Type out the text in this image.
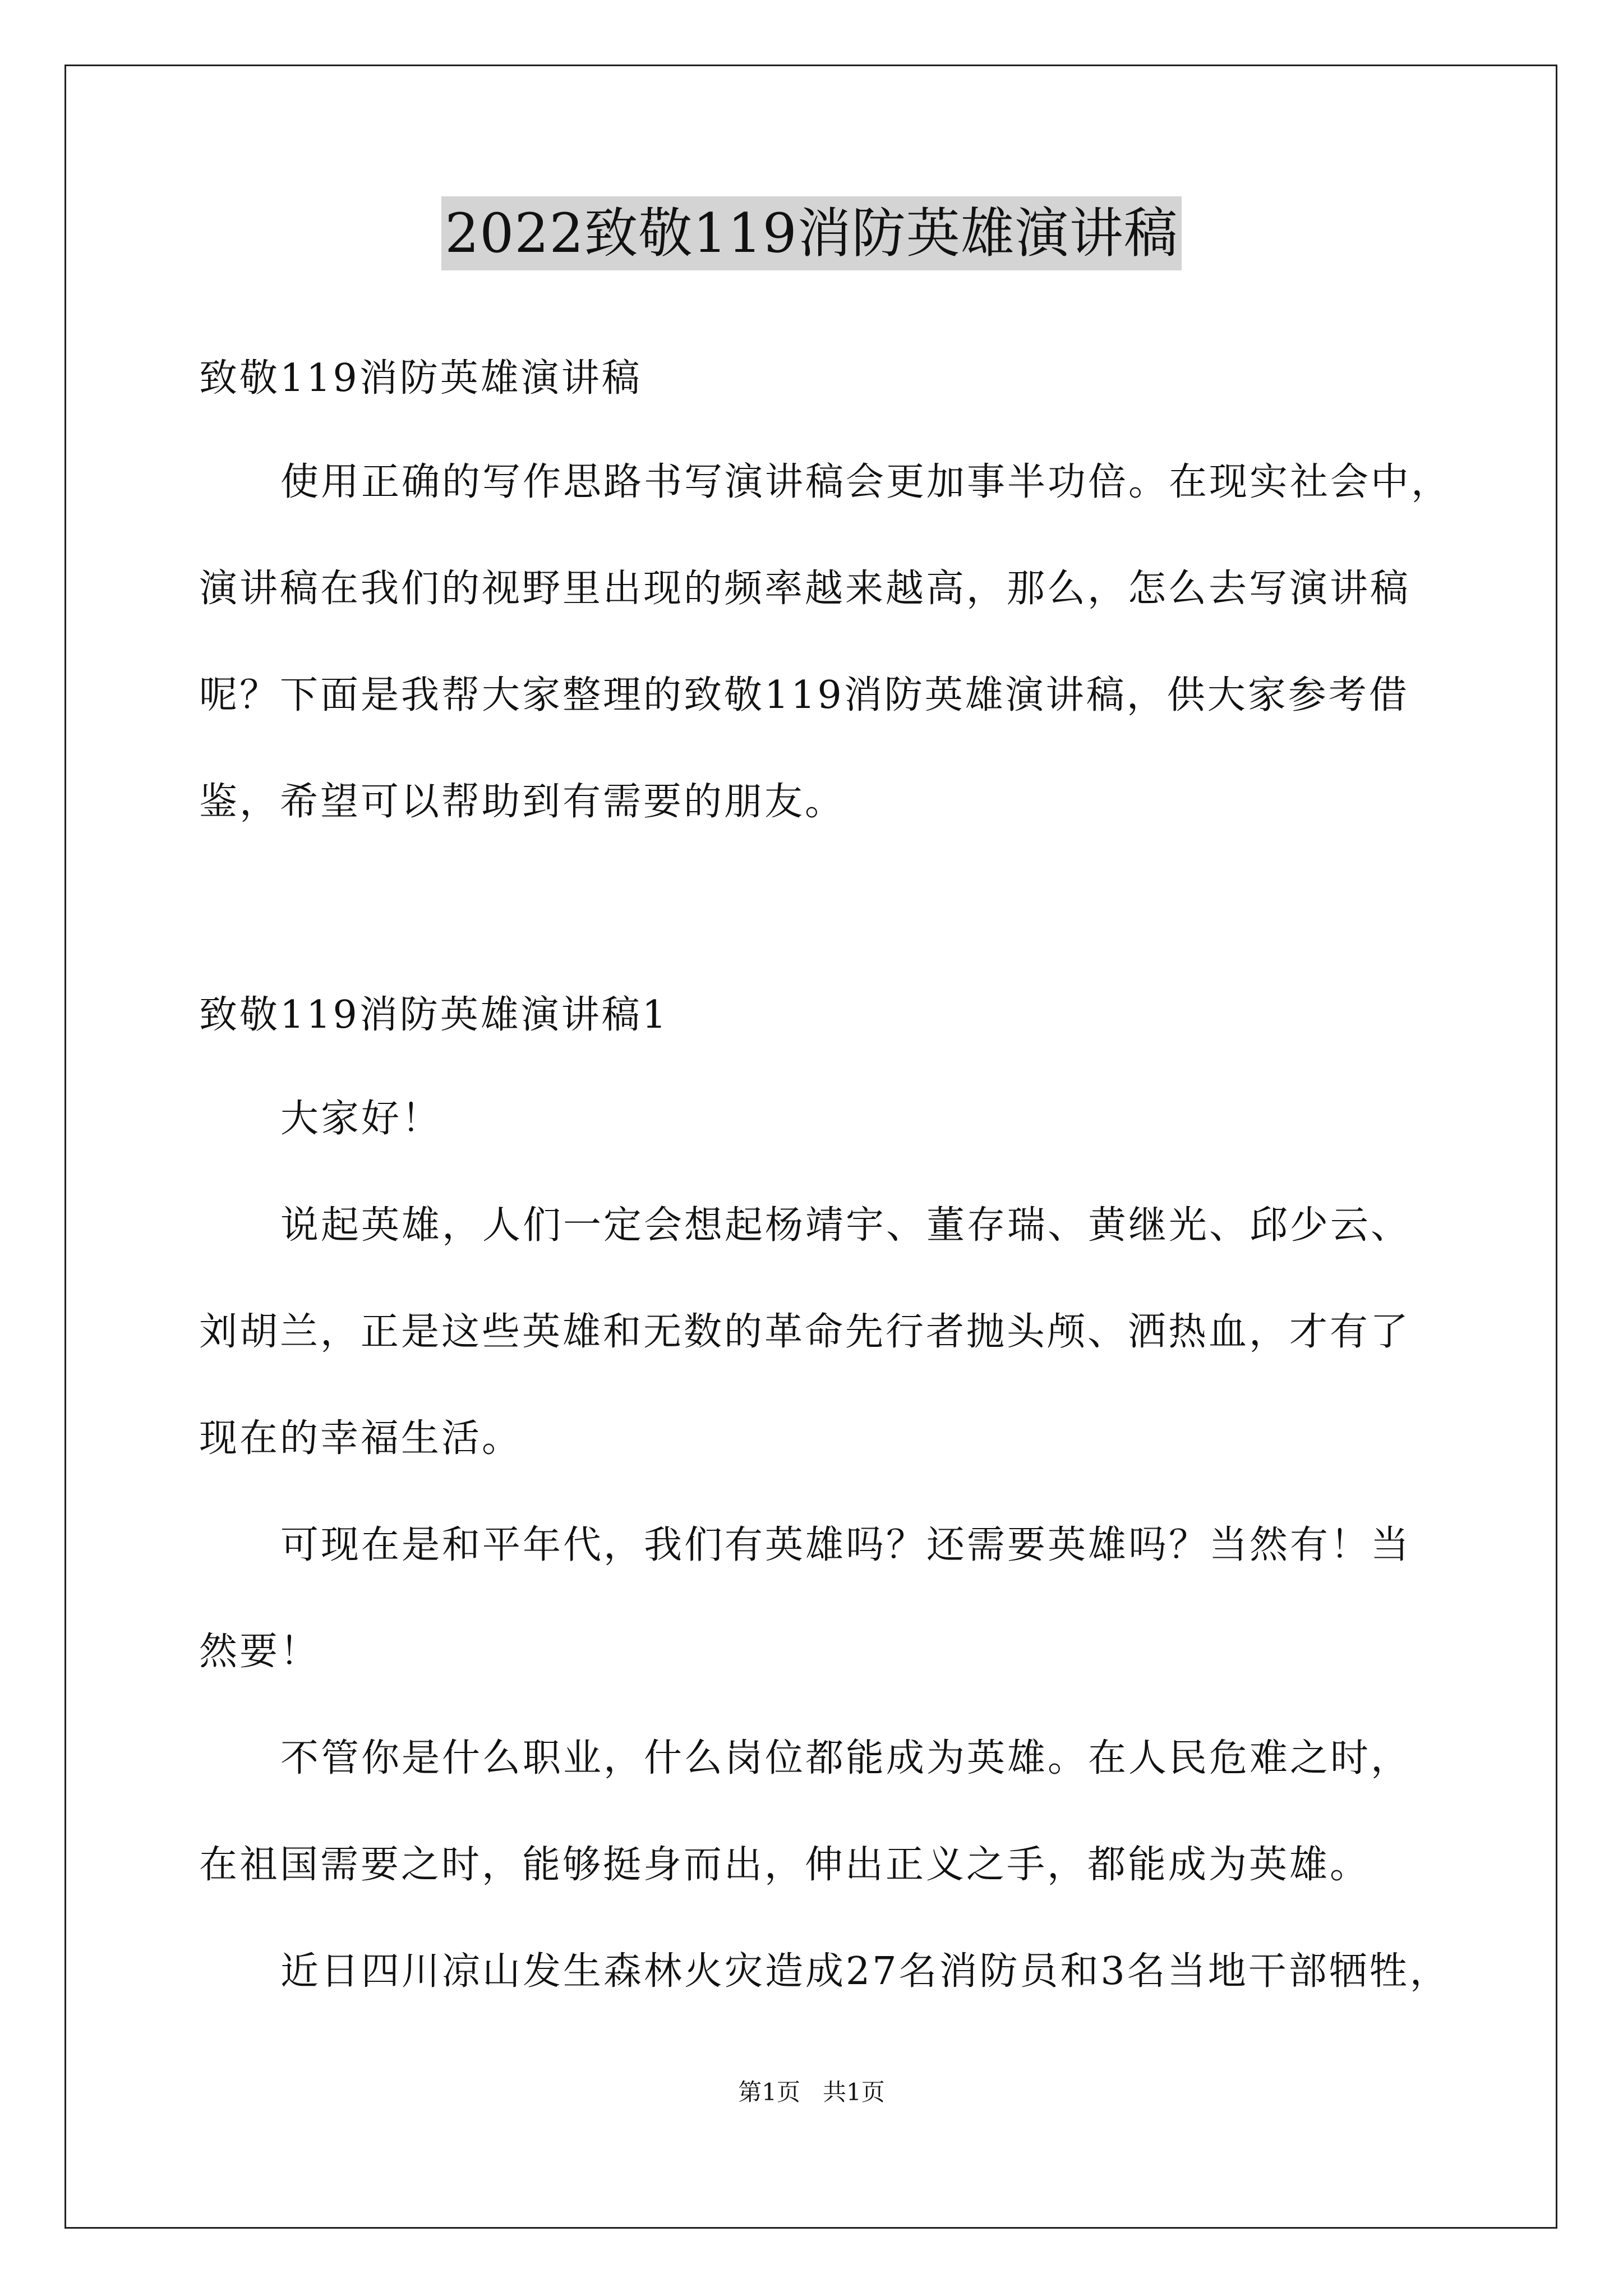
2022致敬119消防英雄演讲稿
致敬119消防英雄演讲稿
使用正确的写作思路书写演讲稿会更加事半功倍。在现实社会中，
演讲稿在我们的视野里出现的频率越来越高，那么，怎么去写演讲稿
呢？下面是我帮大家整理的致敬119消防英雄演讲稿，供大家参考借
鉴，希望可以帮助到有需要的朋友。
致敬119消防英雄演讲稿1
大家好！
说起英雄，人们一定会想起杨靖宇、董存瑞、黄继光、邱少云、
刘胡兰，正是这些英雄和无数的革命先行者抛头颅、洒热血，才有了
现在的幸福生活。
可现在是和平年代，我们有英雄吗？还需要英雄吗？当然有！当
然要！
不管你是什么职业，什么岗位都能成为英雄。在人民危难之时，
在祖国需要之时，能够挺身而出，伸出正义之手，都能成为英雄。
近日四川凉山发生森林火灾造成27名消防员和3名当地干部牺牲，
第1页   共1页
